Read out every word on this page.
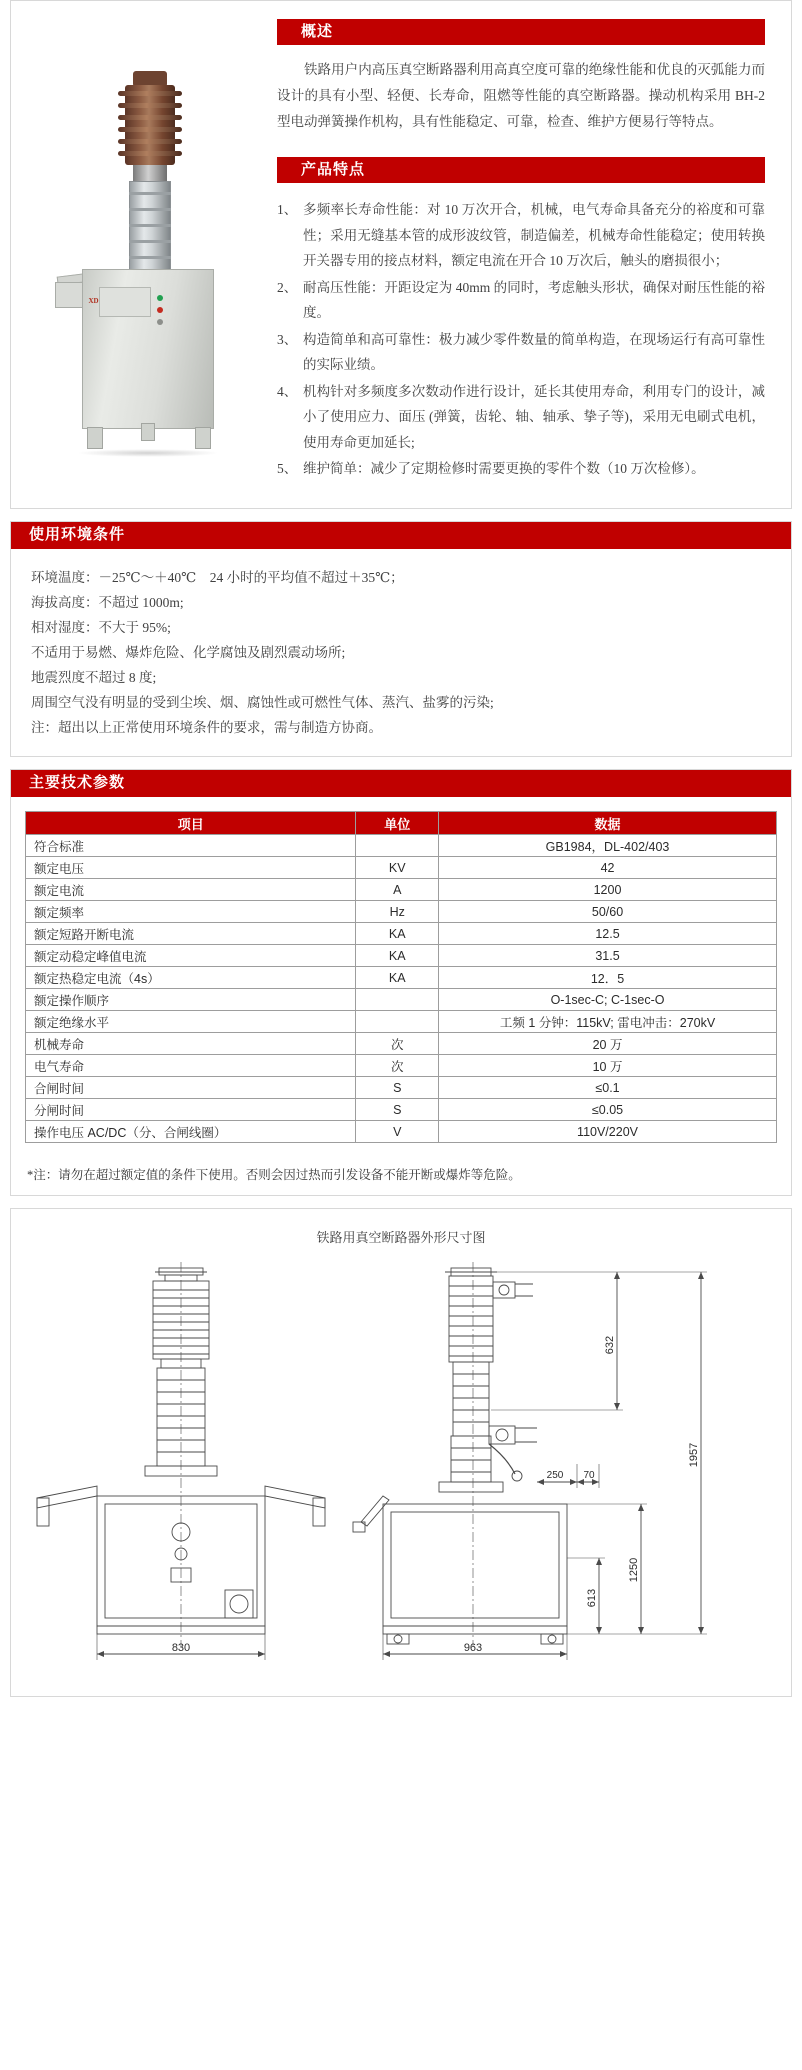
XD
概述

铁路用户内高压真空断路器利用高真空度可靠的绝缘性能和优良的灭弧能力而设计的具有小型、轻便、长寿命，阻燃等性能的真空断路器。操动机构采用 BH-2 型电动弹簧操作机构，具有性能稳定、可靠，检查、维护方便易行等特点。

产品特点
1、 多频率长寿命性能：对 10 万次开合，机械，电气寿命具备充分的裕度和可靠性；采用无缝基本管的成形波纹管，制造偏差，机械寿命性能稳定；使用转换开关器专用的接点材料，额定电流在开合 10 万次后，触头的磨损很小；
2、 耐高压性能：开距设定为 40mm 的同时，考虑触头形状，确保对耐压性能的裕度。
3、 构造简单和高可靠性：极力减少零件数量的简单构造，在现场运行有高可靠性的实际业绩。
4、 机构针对多频度多次数动作进行设计，延长其使用寿命，利用专门的设计，减小了使用应力、面压 (弹簧，齿轮、轴、轴承、挚子等)，采用无电刷式电机，使用寿命更加延长;
5、 维护简单：减少了定期检修时需要更换的零件个数（10 万次检修）。
使用环境条件
环境温度：－25℃～＋40℃　24 小时的平均值不超过＋35℃；
海拔高度：不超过 1000m;
相对湿度：不大于 95%;
不适用于易燃、爆炸危险、化学腐蚀及剧烈震动场所;
地震烈度不超过 8 度;
周围空气没有明显的受到尘埃、烟、腐蚀性或可燃性气体、蒸汽、盐雾的污染;
注：超出以上正常使用环境条件的要求，需与制造方协商。
主要技术参数
项目	单位	数据
符合标准		GB1984，DL-402/403
额定电压	KV	42
额定电流	A	1200
额定频率	Hz	50/60
额定短路开断电流	KA	12.5
额定动稳定峰值电流	KA	31.5
额定热稳定电流（4s）	KA	12．5
额定操作顺序		O-1sec-C; C-1sec-O
额定绝缘水平		工频 1 分钟：115kV; 雷电冲击：270kV
机械寿命	次	20 万
电气寿命	次	10 万
合闸时间	S	≤0.1
分闸时间	S	≤0.05
操作电压 AC/DC（分、合闸线圈）	V	110V/220V
*注：请勿在超过额定值的条件下使用。否则会因过热而引发设备不能开断或爆炸等危险。
铁路用真空断路器外形尺寸图
830	963
632
1957
1250
613
250 70
